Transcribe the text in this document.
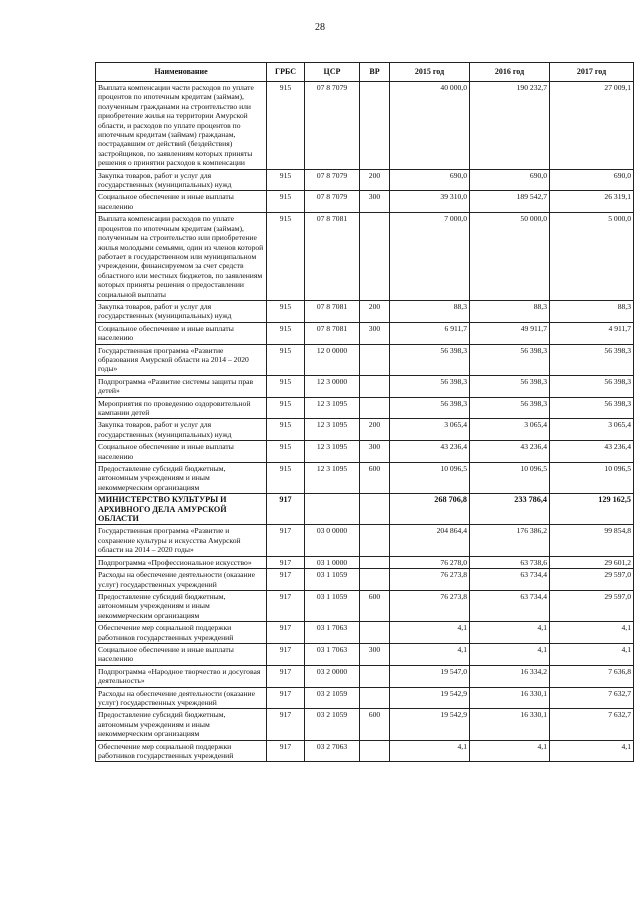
28
Наименование	ГРБС	ЦСР	ВР	2015 год	2016 год	2017 год
Выплата компенсации части расходов по уплате процентов по ипотечным кредитам (займам), полученным гражданами на строительство или приобретение жилья на территории Амурской области, и расходов по уплате процентов по ипотечным кредитам (займам) гражданам, пострадавшим от действий (бездействия) застройщиков, по заявлениям которых приняты решения о принятии расходов к компенсации	915	07 8 7079		40 000,0	190 232,7	27 009,1
Закупка товаров, работ и услуг для государственных (муниципальных) нужд	915	07 8 7079	200	690,0	690,0	690,0
Социальное обеспечение и иные выплаты населению	915	07 8 7079	300	39 310,0	189 542,7	26 319,1
Выплата компенсации расходов по уплате процентов по ипотечным кредитам (займам), полученным на строительство или приобретение жилья молодыми семьями, один из членов которой работает в государственном или муниципальном учреждении, финансируемом за счет средств областного или местных бюджетов, по заявлениям которых приняты решения о предоставлении социальной выплаты	915	07 8 7081		7 000,0	50 000,0	5 000,0
Закупка товаров, работ и услуг для государственных (муниципальных) нужд	915	07 8 7081	200	88,3	88,3	88,3
Социальное обеспечение и иные выплаты населению	915	07 8 7081	300	6 911,7	49 911,7	4 911,7
Государственная программа «Развитие образования Амурской области на 2014 – 2020 годы»	915	12 0 0000		56 398,3	56 398,3	56 398,3
Подпрограмма «Развитие системы защиты прав детей»	915	12 3 0000		56 398,3	56 398,3	56 398,3
Мероприятия по проведению оздоровительной кампании детей	915	12 3 1095		56 398,3	56 398,3	56 398,3
Закупка товаров, работ и услуг для государственных (муниципальных) нужд	915	12 3 1095	200	3 065,4	3 065,4	3 065,4
Социальное обеспечение и иные выплаты населению	915	12 3 1095	300	43 236,4	43 236,4	43 236,4
Предоставление субсидий бюджетным, автономным учреждениям и иным некоммерческим организациям	915	12 3 1095	600	10 096,5	10 096,5	10 096,5
МИНИСТЕРСТВО КУЛЬТУРЫ И АРХИВНОГО ДЕЛА АМУРСКОЙ ОБЛАСТИ	917			268 706,8	233 786,4	129 162,5
Государственная программа «Развитие и сохранение культуры и искусства Амурской области на 2014 – 2020 годы»	917	03 0 0000		204 864,4	176 386,2	99 854,8
Подпрограмма «Профессиональное искусство»	917	03 1 0000		76 278,0	63 738,6	29 601,2
Расходы на обеспечение деятельности (оказание услуг) государственных учреждений	917	03 1 1059		76 273,8	63 734,4	29 597,0
Предоставление субсидий бюджетным, автономным учреждениям и иным некоммерческим организациям	917	03 1 1059	600	76 273,8	63 734,4	29 597,0
Обеспечение мер социальной поддержки работников государственных учреждений	917	03 1 7063		4,1	4,1	4,1
Социальное обеспечение и иные выплаты населению	917	03 1 7063	300	4,1	4,1	4,1
Подпрограмма «Народное творчество и досуговая деятельность»	917	03 2 0000		19 547,0	16 334,2	7 636,8
Расходы на обеспечение деятельности (оказание услуг) государственных учреждений	917	03 2 1059		19 542,9	16 330,1	7 632,7
Предоставление субсидий бюджетным, автономным учреждениям и иным некоммерческим организациям	917	03 2 1059	600	19 542,9	16 330,1	7 632,7
Обеспечение мер социальной поддержки работников государственных учреждений	917	03 2 7063		4,1	4,1	4,1
